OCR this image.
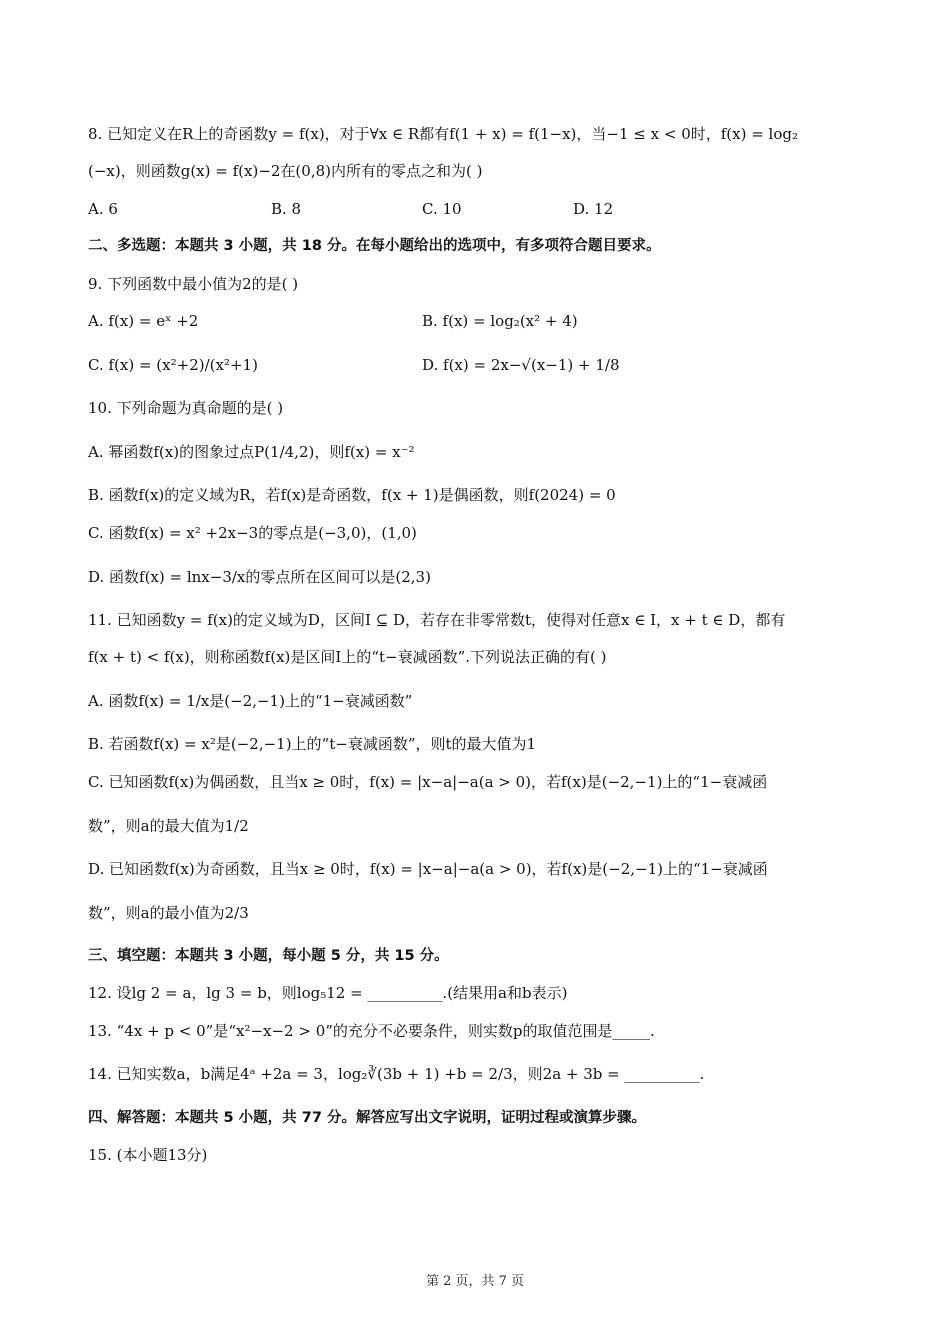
8. 已知定义在R上的奇函数y = f(x)，对于∀x ∈ R都有f(1 + x) = f(1−x)，当−1 ≤ x < 0时，f(x) = log₂
(−x)，则函数g(x) = f(x)−2在(0,8)内所有的零点之和为( )
A. 6	B. 8	C. 10	D. 12
二、多选题：本题共 3 小题，共 18 分。在每小题给出的选项中，有多项符合题目要求。
9. 下列函数中最小值为2的是( )
A. f(x) = eˣ +2	B. f(x) = log₂(x² + 4)
C. f(x) = (x²+2)/(x²+1)	D. f(x) = 2x−√(x−1) + 1/8
10. 下列命题为真命题的是( )
A. 幂函数f(x)的图象过点P(1/4,2)，则f(x) = x⁻²
B. 函数f(x)的定义域为R，若f(x)是奇函数，f(x + 1)是偶函数，则f(2024) = 0
C. 函数f(x) = x² +2x−3的零点是(−3,0)，(1,0)
D. 函数f(x) = lnx−3/x的零点所在区间可以是(2,3)
11. 已知函数y = f(x)的定义域为D，区间I ⊆ D，若存在非零常数t，使得对任意x ∈ I，x + t ∈ D，都有
f(x + t) < f(x)，则称函数f(x)是区间I上的“t−衰减函数”.下列说法正确的有( )
A. 函数f(x) = 1/x是(−2,−1)上的“1−衰减函数”
B. 若函数f(x) = x²是(−2,−1)上的“t−衰减函数”，则t的最大值为1
C. 已知函数f(x)为偶函数，且当x ≥ 0时，f(x) = |x−a|−a(a > 0)，若f(x)是(−2,−1)上的“1−衰减函
数”，则a的最大值为1/2
D. 已知函数f(x)为奇函数，且当x ≥ 0时，f(x) = |x−a|−a(a > 0)，若f(x)是(−2,−1)上的“1−衰减函
数”，则a的最小值为2/3
三、填空题：本题共 3 小题，每小题 5 分，共 15 分。
12. 设lg 2 = a，lg 3 = b，则log₅12 = __________.(结果用a和b表示)
13. “4x + p < 0”是“x²−x−2 > 0”的充分不必要条件，则实数p的取值范围是_____.
14. 已知实数a，b满足4ᵃ +2a = 3，log₂∛(3b + 1) +b = 2/3，则2a + 3b = __________.
四、解答题：本题共 5 小题，共 77 分。解答应写出文字说明，证明过程或演算步骤。
15. (本小题13分)
第 2 页，共 7 页
